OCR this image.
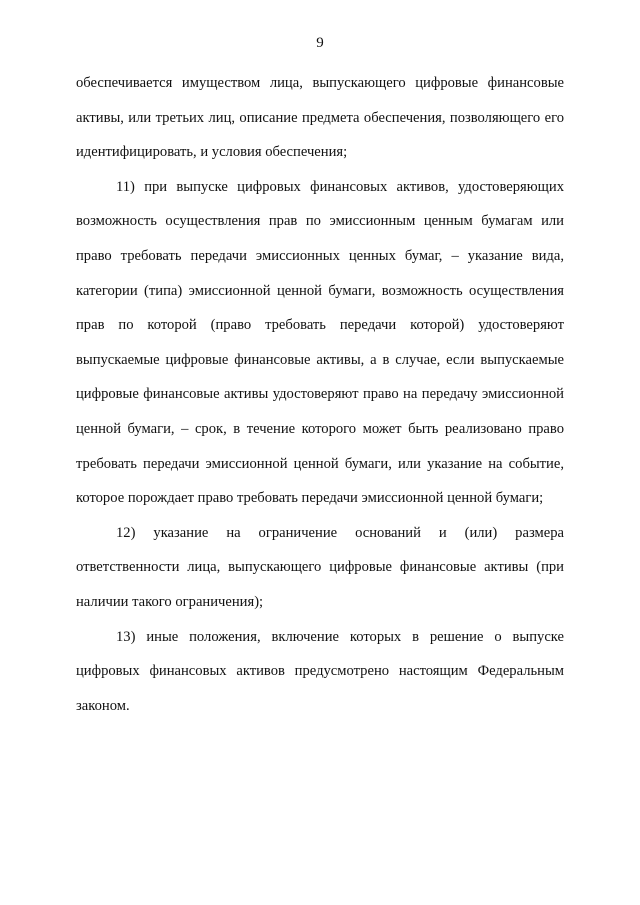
9

обеспечивается имуществом лица, выпускающего цифровые финансовые активы, или третьих лиц, описание предмета обеспечения, позволяющего его идентифицировать, и условия обеспечения;

11) при выпуске цифровых финансовых активов, удостоверяющих возможность осуществления прав по эмиссионным ценным бумагам или право требовать передачи эмиссионных ценных бумаг, – указание вида, категории (типа) эмиссионной ценной бумаги, возможность осуществления прав по которой (право требовать передачи которой) удостоверяют выпускаемые цифровые финансовые активы, а в случае, если выпускаемые цифровые финансовые активы удостоверяют право на передачу эмиссионной ценной бумаги, – срок, в течение которого может быть реализовано право требовать передачи эмиссионной ценной бумаги, или указание на событие, которое порождает право требовать передачи эмиссионной ценной бумаги;

12) указание на ограничение оснований и (или) размера ответственности лица, выпускающего цифровые финансовые активы (при наличии такого ограничения);

13) иные положения, включение которых в решение о выпуске цифровых финансовых активов предусмотрено настоящим Федеральным законом.
